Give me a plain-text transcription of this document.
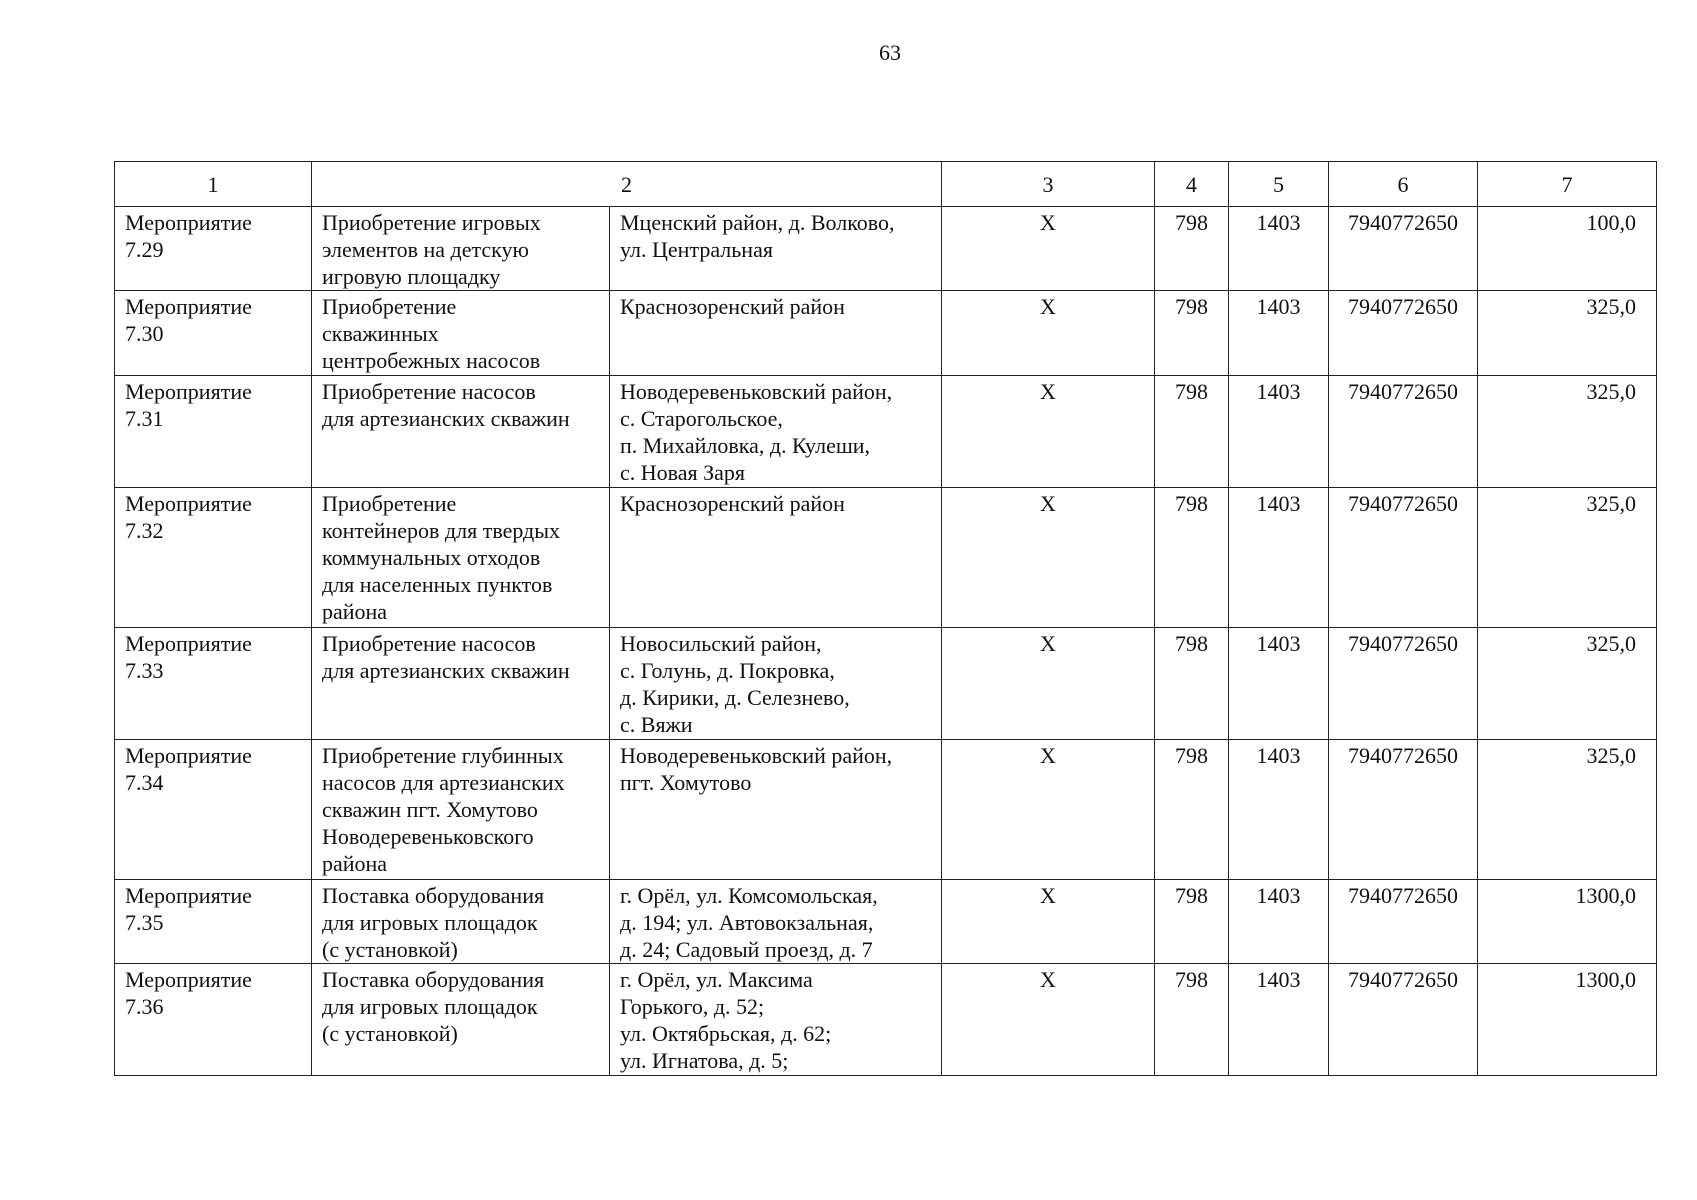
63
1	2		3	4	5	6	7
Мероприятие
7.29	Приобретение игровых
элементов на детскую
игровую площадку	Мценский район, д. Волково,
ул. Центральная	Х	798	1403	7940772650	100,0
Мероприятие
7.30	Приобретение
скважинных
центробежных насосов	Краснозоренский район	Х	798	1403	7940772650	325,0
Мероприятие
7.31	Приобретение насосов
для артезианских скважин	Новодеревеньковский район,
с. Старогольское,
п. Михайловка, д. Кулеши,
с. Новая Заря	Х	798	1403	7940772650	325,0
Мероприятие
7.32	Приобретение
контейнеров для твердых
коммунальных отходов
для населенных пунктов
района	Краснозоренский район	Х	798	1403	7940772650	325,0
Мероприятие
7.33	Приобретение насосов
для артезианских скважин	Новосильский район,
с. Голунь, д. Покровка,
д. Кирики, д. Селезнево,
с. Вяжи	Х	798	1403	7940772650	325,0
Мероприятие
7.34	Приобретение глубинных
насосов для артезианских
скважин пгт. Хомутово
Новодеревеньковского
района	Новодеревеньковский район,
пгт. Хомутово	Х	798	1403	7940772650	325,0
Мероприятие
7.35	Поставка оборудования
для игровых площадок
(с установкой)	г. Орёл, ул. Комсомольская,
д. 194; ул. Автовокзальная,
д. 24; Садовый проезд, д. 7	Х	798	1403	7940772650	1300,0
Мероприятие
7.36	Поставка оборудования
для игровых площадок
(с установкой)	г. Орёл, ул. Максима
Горького, д. 52;
ул. Октябрьская, д. 62;
ул. Игнатова, д. 5;	Х	798	1403	7940772650	1300,0
